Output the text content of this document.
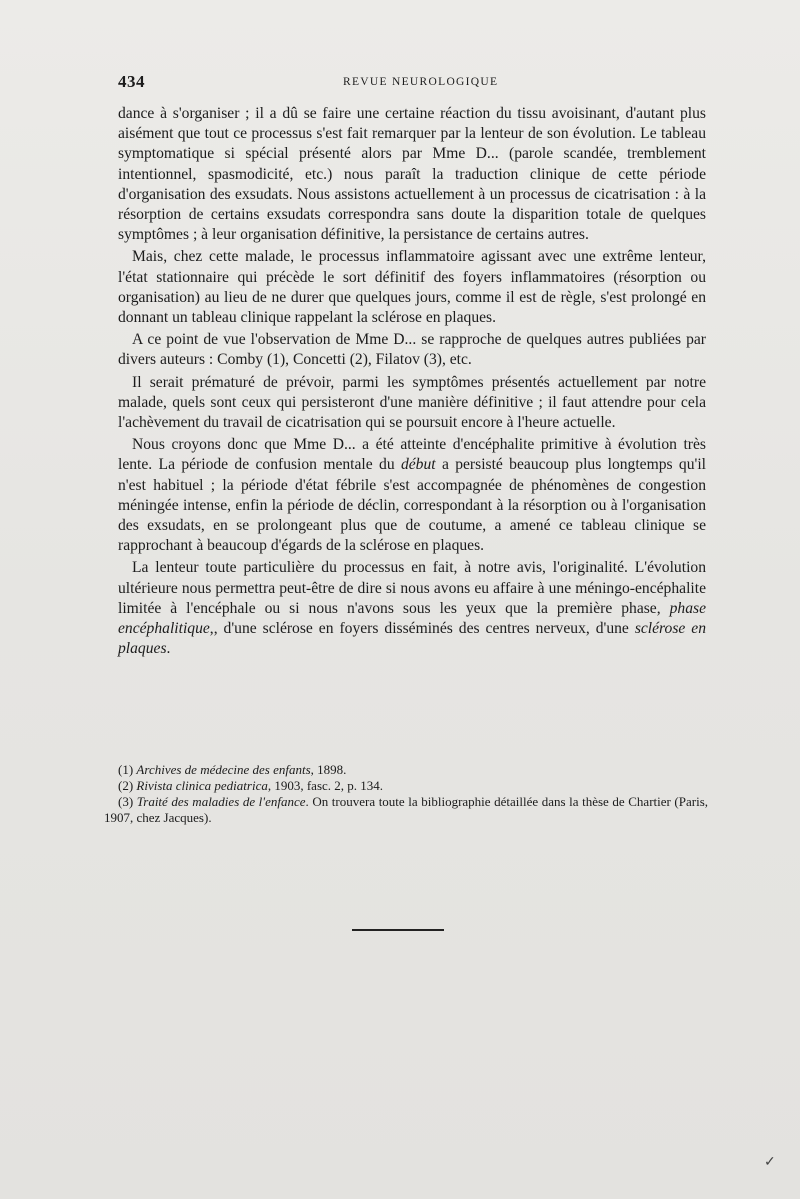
434	REVUE NEUROLOGIQUE

dance à s'organiser ; il a dû se faire une certaine réaction du tissu avoisinant, d'autant plus aisément que tout ce processus s'est fait remarquer par la lenteur de son évolution. Le tableau symptomatique si spécial présenté alors par Mme D... (parole scandée, tremblement intentionnel, spasmodicité, etc.) nous paraît la traduction clinique de cette période d'organisation des exsudats. Nous assistons actuellement à un processus de cicatrisation : à la résorption de certains exsudats correspondra sans doute la disparition totale de quelques symptômes ; à leur organisation définitive, la persistance de certains autres.

Mais, chez cette malade, le processus inflammatoire agissant avec une extrême lenteur, l'état stationnaire qui précède le sort définitif des foyers inflammatoires (résorption ou organisation) au lieu de ne durer que quelques jours, comme il est de règle, s'est prolongé en donnant un tableau clinique rappelant la sclérose en plaques.

A ce point de vue l'observation de Mme D... se rapproche de quelques autres publiées par divers auteurs : Comby (1), Concetti (2), Filatov (3), etc.

Il serait prématuré de prévoir, parmi les symptômes présentés actuellement par notre malade, quels sont ceux qui persisteront d'une manière définitive ; il faut attendre pour cela l'achèvement du travail de cicatrisation qui se poursuit encore à l'heure actuelle.

Nous croyons donc que Mme D... a été atteinte d'encéphalite primitive à évolution très lente. La période de confusion mentale du début a persisté beaucoup plus longtemps qu'il n'est habituel ; la période d'état fébrile s'est accompagnée de phénomènes de congestion méningée intense, enfin la période de déclin, correspondant à la résorption ou à l'organisation des exsudats, en se prolongeant plus que de coutume, a amené ce tableau clinique se rapprochant à beaucoup d'égards de la sclérose en plaques.

La lenteur toute particulière du processus en fait, à notre avis, l'originalité. L'évolution ultérieure nous permettra peut-être de dire si nous avons eu affaire à une méningo-encéphalite limitée à l'encéphale ou si nous n'avons sous les yeux que la première phase, phase encéphalitique,, d'une sclérose en foyers disséminés des centres nerveux, d'une sclérose en plaques.

(1) Archives de médecine des enfants, 1898.

(2) Rivista clinica pediatrica, 1903, fasc. 2, p. 134.

(3) Traité des maladies de l'enfance. On trouvera toute la bibliographie détaillée dans la thèse de Chartier (Paris, 1907, chez Jacques).

✓
